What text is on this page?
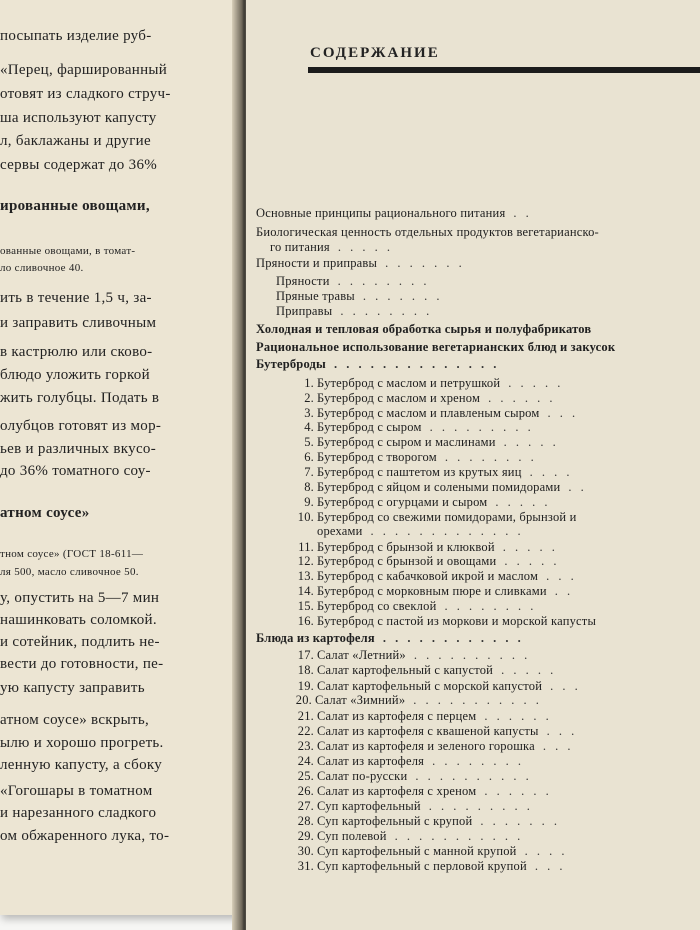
посыпать изделие руб-
«Перец, фаршированный
отовят из сладкого струч-
ша используют капусту
л, баклажаны и другие
сервы содержат до 36%
ированные овощами,
ованные овощами, в томат-
ло сливочное 40.
ить в течение 1,5 ч, за-
и заправить сливочным
в кастрюлю или сково-
блюдо уложить горкой
жить голубцы. Подать в
олубцов готовят из мор-
ьев и различных вкусо-
до 36% томатного соу-
атном соусе»
тном соусе» (ГОСТ 18-611—
ля 500, масло сливочное 50.
у, опустить на 5—7 мин
нашинковать соломкой.
и сотейник, подлить не-
вести до готовности, пе-
ую капусту заправить
атном соусе» вскрыть,
ылю и хорошо прогреть.
ленную капусту, а сбоку
«Гогошары в томатном
и нарезанного сладкого
ом обжаренного лука, то-
СОДЕРЖАНИЕ
Основные принципы рационального питания . .
Биологическая ценность отдельных продуктов вегетарианско-
го питания . . . . .
Пряности и приправы . . . . . . .
Пряности . . . . . . . .
Пряные травы . . . . . . .
Приправы . . . . . . . .
Холодная и тепловая обработка сырья и полуфабрикатов
Рациональное использование вегетарианских блюд и закусок
Бутерброды . . . . . . . . . . . . . .
1. Бутерброд с маслом и петрушкой . . . . .
2. Бутерброд с маслом и хреном . . . . . .
3. Бутерброд с маслом и плавленым сыром . . .
4. Бутерброд с сыром . . . . . . . . .
5. Бутерброд с сыром и маслинами . . . . .
6. Бутерброд с творогом . . . . . . . .
7. Бутерброд с паштетом из крутых яиц . . . .
8. Бутерброд с яйцом и солеными помидорами . .
9. Бутерброд с огурцами и сыром . . . . .
10. Бутерброд со свежими помидорами, брынзой и
орехами . . . . . . . . . . . . .
11. Бутерброд с брынзой и клюквой . . . . .
12. Бутерброд с брынзой и овощами . . . . .
13. Бутерброд с кабачковой икрой и маслом . . .
14. Бутерброд с морковным пюре и сливками . .
15. Бутерброд со свеклой . . . . . . . .
16. Бутерброд с пастой из моркови и морской капусты
Блюда из картофеля . . . . . . . . . . . .
17. Салат «Летний» . . . . . . . . . .
18. Салат картофельный с капустой . . . . .
19. Салат картофельный с морской капустой . . .
20. Салат «Зимний» . . . . . . . . . . .
21. Салат из картофеля с перцем . . . . . .
22. Салат из картофеля с квашеной капусты . . .
23. Салат из картофеля и зеленого горошка . . .
24. Салат из картофеля . . . . . . . .
25. Салат по-русски . . . . . . . . . .
26. Салат из картофеля с хреном . . . . . .
27. Суп картофельный . . . . . . . . .
28. Суп картофельный с крупой . . . . . . .
29. Суп полевой . . . . . . . . . . .
30. Суп картофельный с манной крупой . . . .
31. Суп картофельный с перловой крупой . . .
